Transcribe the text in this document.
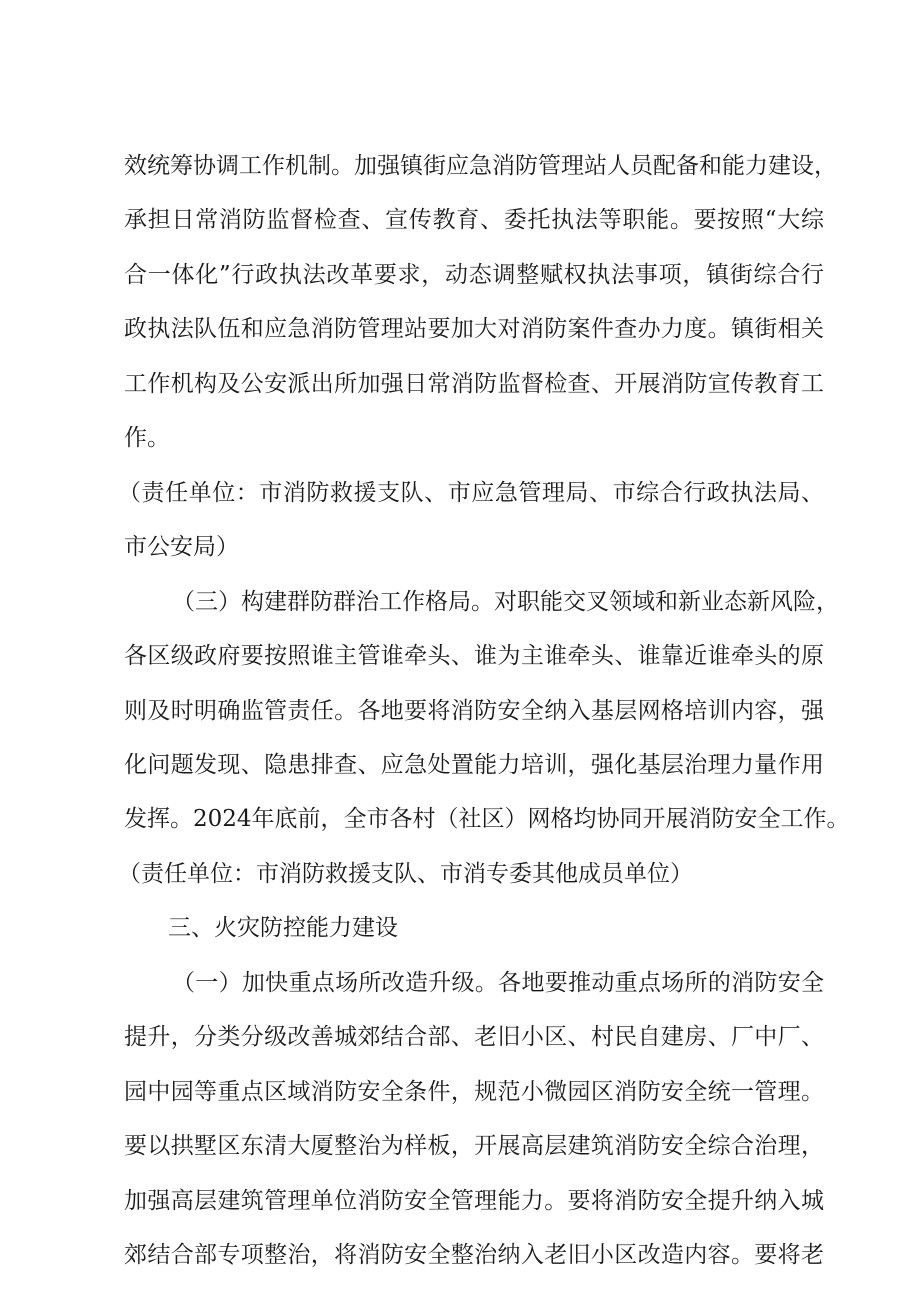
效统筹协调工作机制。加强镇街应急消防管理站人员配备和能力建设，
承担日常消防监督检查、宣传教育、委托执法等职能。要按照“大综
合一体化”行政执法改革要求，动态调整赋权执法事项，镇街综合行
政执法队伍和应急消防管理站要加大对消防案件查办力度。镇街相关
工作机构及公安派出所加强日常消防监督检查、开展消防宣传教育工
作。
（责任单位：市消防救援支队、市应急管理局、市综合行政执法局、
市公安局）
（三）构建群防群治工作格局。对职能交叉领域和新业态新风险，
各区级政府要按照谁主管谁牵头、谁为主谁牵头、谁靠近谁牵头的原
则及时明确监管责任。各地要将消防安全纳入基层网格培训内容，强
化问题发现、隐患排查、应急处置能力培训，强化基层治理力量作用
发挥。2024年底前，全市各村（社区）网格均协同开展消防安全工作。
（责任单位：市消防救援支队、市消专委其他成员单位）
三、火灾防控能力建设
（一）加快重点场所改造升级。各地要推动重点场所的消防安全
提升，分类分级改善城郊结合部、老旧小区、村民自建房、厂中厂、
园中园等重点区域消防安全条件，规范小微园区消防安全统一管理。
要以拱墅区东清大厦整治为样板，开展高层建筑消防安全综合治理，
加强高层建筑管理单位消防安全管理能力。要将消防安全提升纳入城
郊结合部专项整治，将消防安全整治纳入老旧小区改造内容。要将老
